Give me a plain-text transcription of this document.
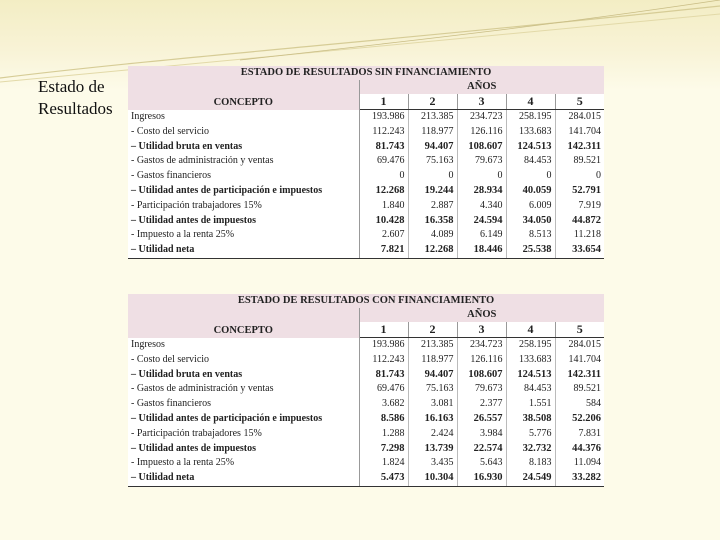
Estado de
Resultados
ESTADO DE RESULTADOS SIN FINANCIAMIENTO					
CONCEPTO	AÑOS				
	1	2	3	4	5
Ingresos	193.986	213.385	234.723	258.195	284.015
- Costo del servicio	112.243	118.977	126.116	133.683	141.704
– Utilidad bruta en ventas	81.743	94.407	108.607	124.513	142.311
- Gastos de administración y ventas	69.476	75.163	79.673	84.453	89.521
- Gastos financieros	0	0	0	0	0
– Utilidad antes de participación e impuestos	12.268	19.244	28.934	40.059	52.791
- Participación trabajadores 15%	1.840	2.887	4.340	6.009	7.919
– Utilidad antes de impuestos	10.428	16.358	24.594	34.050	44.872
- Impuesto a la renta 25%	2.607	4.089	6.149	8.513	11.218
– Utilidad neta	7.821	12.268	18.446	25.538	33.654
ESTADO DE RESULTADOS CON FINANCIAMIENTO					
CONCEPTO	AÑOS				
	1	2	3	4	5
Ingresos	193.986	213.385	234.723	258.195	284.015
- Costo del servicio	112.243	118.977	126.116	133.683	141.704
– Utilidad bruta en ventas	81.743	94.407	108.607	124.513	142.311
- Gastos de administración y ventas	69.476	75.163	79.673	84.453	89.521
- Gastos financieros	3.682	3.081	2.377	1.551	584
– Utilidad antes de participación e impuestos	8.586	16.163	26.557	38.508	52.206
- Participación trabajadores 15%	1.288	2.424	3.984	5.776	7.831
– Utilidad antes de impuestos	7.298	13.739	22.574	32.732	44.376
- Impuesto a la renta 25%	1.824	3.435	5.643	8.183	11.094
– Utilidad neta	5.473	10.304	16.930	24.549	33.282
